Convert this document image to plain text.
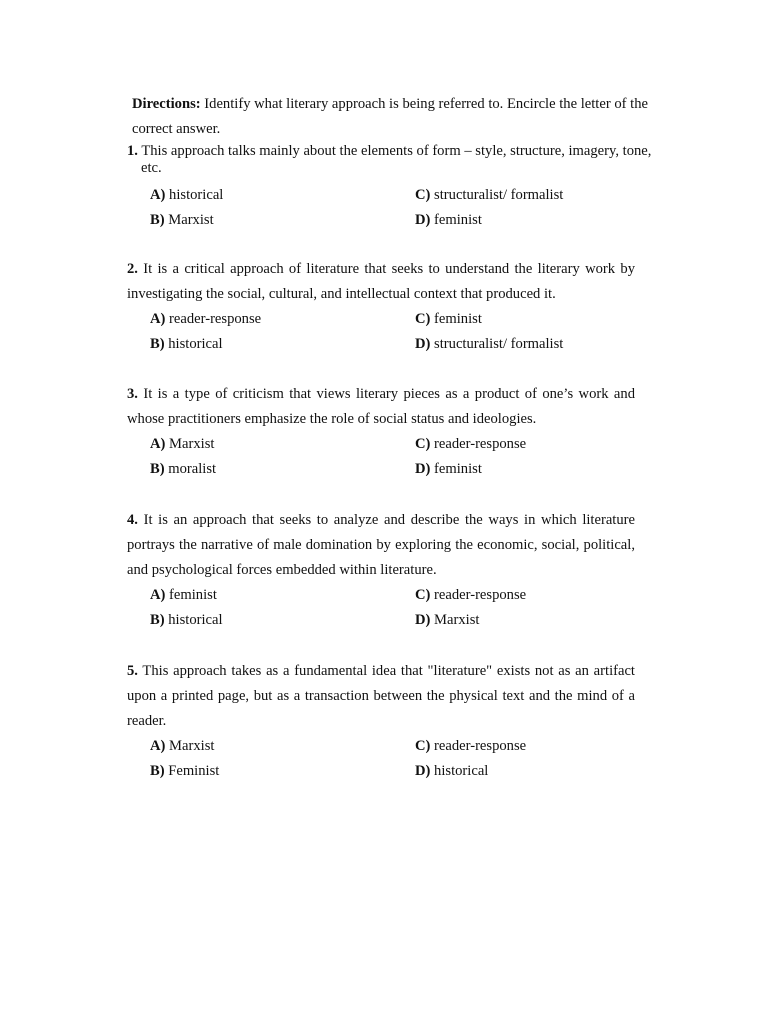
Directions: Identify what literary approach is being referred to. Encircle the letter of the correct answer.
1. This approach talks mainly about the elements of form – style, structure, imagery, tone, etc.
A) historical
B) Marxist
C) structuralist/ formalist
D) feminist
2. It is a critical approach of literature that seeks to understand the literary work by investigating the social, cultural, and intellectual context that produced it.
A) reader-response
B) historical
C) feminist
D) structuralist/ formalist
3. It is a type of criticism that views literary pieces as a product of one’s work and whose practitioners emphasize the role of social status and ideologies.
A) Marxist
B) moralist
C) reader-response
D) feminist
4. It is an approach that seeks to analyze and describe the ways in which literature portrays the narrative of male domination by exploring the economic, social, political, and psychological forces embedded within literature.
A) feminist
B) historical
C) reader-response
D) Marxist
5. This approach takes as a fundamental idea that "literature" exists not as an artifact upon a printed page, but as a transaction between the physical text and the mind of a reader.
A) Marxist
B) Feminist
C) reader-response
D) historical
